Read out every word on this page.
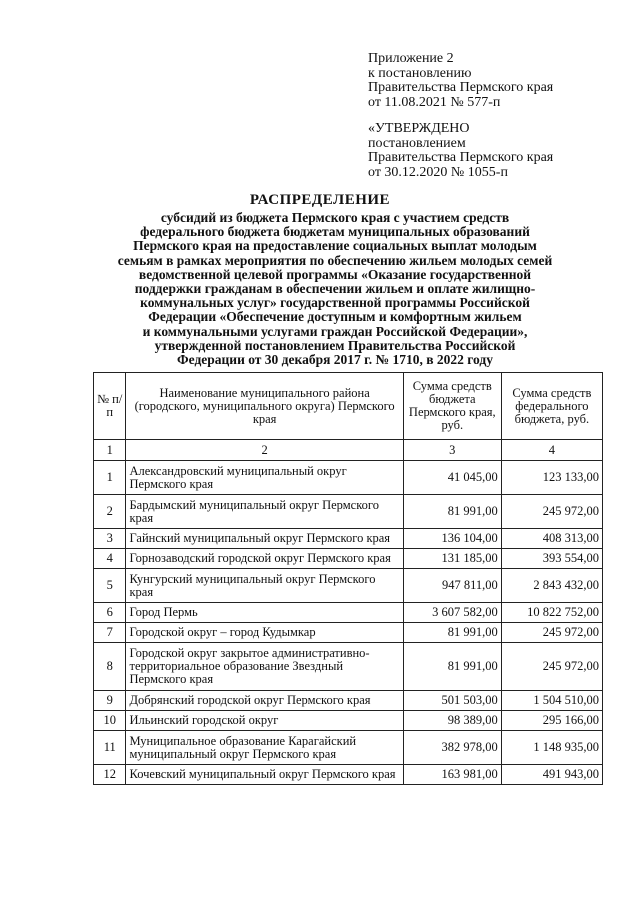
Приложение 2
к постановлению
Правительства Пермского края
от 11.08.2021 № 577-п
«УТВЕРЖДЕНО
постановлением
Правительства Пермского края
от 30.12.2020 № 1055-п
РАСПРЕДЕЛЕНИЕ
субсидий из бюджета Пермского края с участием средств
федерального бюджета бюджетам муниципальных образований
Пермского края на предоставление социальных выплат молодым
семьям в рамках мероприятия по обеспечению жильем молодых семей
ведомственной целевой программы «Оказание государственной
поддержки гражданам в обеспечении жильем и оплате жилищно-
коммунальных услуг» государственной программы Российской
Федерации «Обеспечение доступным и комфортным жильем
и коммунальными услугами граждан Российской Федерации»,
утвержденной постановлением Правительства Российской
Федерации от 30 декабря 2017 г. № 1710, в 2022 году
№ п/п	Наименование муниципального района (городского, муниципального округа) Пермского края	Сумма средств бюджета Пермского края, руб.	Сумма средств федерального бюджета, руб.
1	2	3	4
1	Александровский муниципальный округ Пермского края	41 045,00	123 133,00
2	Бардымский муниципальный округ Пермского края	81 991,00	245 972,00
3	Гайнский муниципальный округ Пермского края	136 104,00	408 313,00
4	Горнозаводский городской округ Пермского края	131 185,00	393 554,00
5	Кунгурский муниципальный округ Пермского края	947 811,00	2 843 432,00
6	Город Пермь	3 607 582,00	10 822 752,00
7	Городской округ – город Кудымкар	81 991,00	245 972,00
8	Городской округ закрытое административно-территориальное образование Звездный Пермского края	81 991,00	245 972,00
9	Добрянский городской округ Пермского края	501 503,00	1 504 510,00
10	Ильинский городской округ	98 389,00	295 166,00
11	Муниципальное образование Карагайский муниципальный округ Пермского края	382 978,00	1 148 935,00
12	Кочевский муниципальный округ Пермского края	163 981,00	491 943,00
